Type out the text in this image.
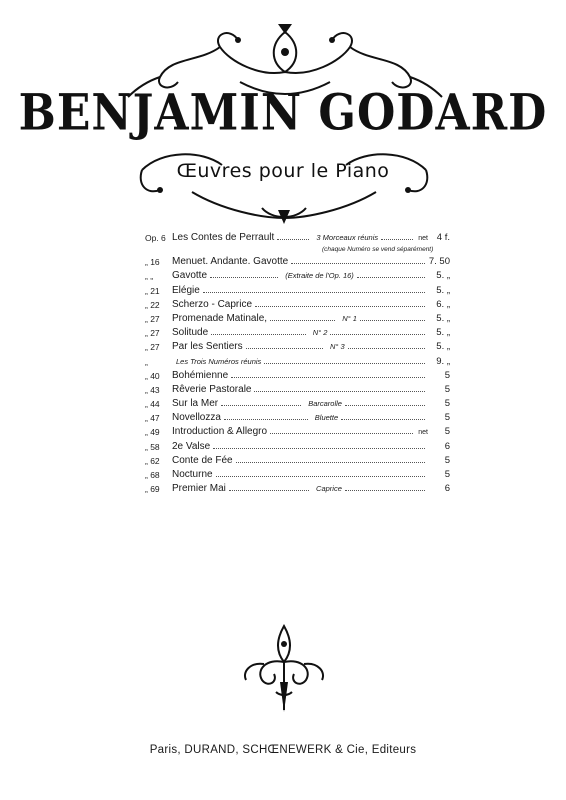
BENJAMIN GODARD
Œuvres pour le Piano
Op. 6 Les Contes de Perrault	3 Morceaux réunis	net 4 f.
(chaque Numéro se vend séparément)
„ 16	Menuet. Andante. Gavotte	7. 50
„ „	Gavotte	(Extraite de l'Op. 16)	5. „
„ 21	Elégie	5. „
„ 22	Scherzo - Caprice	6. „
„ 27	Promenade Matinale,	N° 1	5. „
„ 27	Solitude	N° 2	5. „
„ 27	Par les Sentiers	N° 3	5. „
„	Les Trois Numéros réunis	9. „
„ 40	Bohémienne	5
„ 43	Rêverie Pastorale	5
„ 44	Sur la Mer	Barcarolle	5
„ 47	Novellozza	Bluette	5
„ 49	Introduction & Allegro	net	5
„ 58	2e Valse	6
„ 62	Conte de Fée	5
„ 68	Nocturne	5
„ 69	Premier Mai	Caprice	6
Paris, DURAND, SCHŒNEWERK & Cie, Editeurs
